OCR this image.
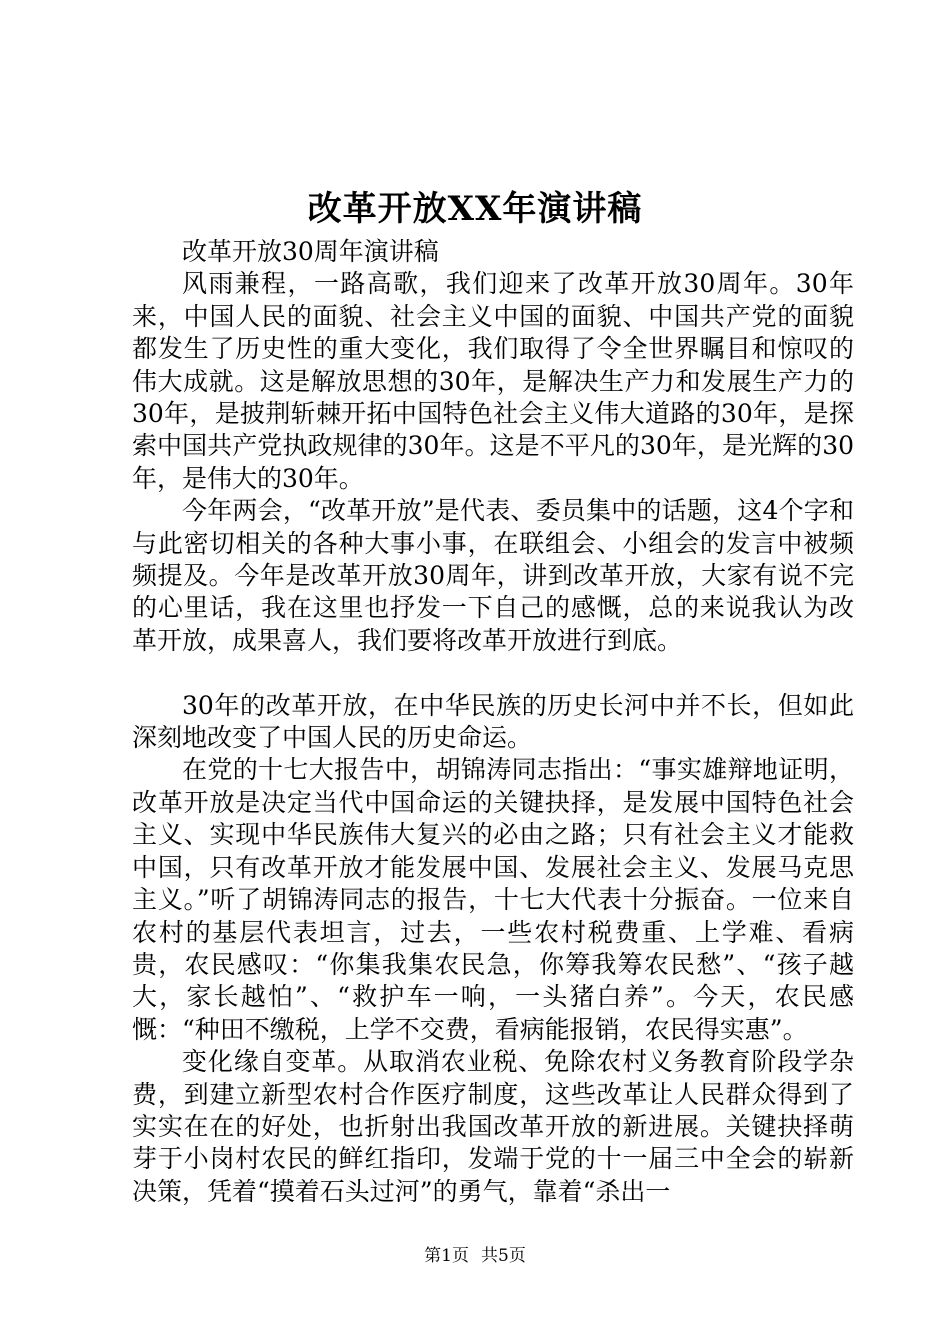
改革开放XX年演讲稿

改革开放30周年演讲稿

风雨兼程，一路高歌，我们迎来了改革开放30周年。30年来，中国人民的面貌、社会主义中国的面貌、中国共产党的面貌都发生了历史性的重大变化，我们取得了令全世界瞩目和惊叹的伟大成就。这是解放思想的30年，是解决生产力和发展生产力的30年，是披荆斩棘开拓中国特色社会主义伟大道路的30年，是探索中国共产党执政规律的30年。这是不平凡的30年，是光辉的30年，是伟大的30年。

今年两会，“改革开放”是代表、委员集中的话题，这4个字和与此密切相关的各种大事小事，在联组会、小组会的发言中被频频提及。今年是改革开放30周年，讲到改革开放，大家有说不完的心里话，我在这里也抒发一下自己的感慨，总的来说我认为改革开放，成果喜人，我们要将改革开放进行到底。

30年的改革开放，在中华民族的历史长河中并不长，但如此深刻地改变了中国人民的历史命运。

在党的十七大报告中，胡锦涛同志指出：“事实雄辩地证明，改革开放是决定当代中国命运的关键抉择，是发展中国特色社会主义、实现中华民族伟大复兴的必由之路；只有社会主义才能救中国，只有改革开放才能发展中国、发展社会主义、发展马克思主义。”听了胡锦涛同志的报告，十七大代表十分振奋。一位来自农村的基层代表坦言，过去，一些农村税费重、上学难、看病贵，农民感叹：“你集我集农民急，你筹我筹农民愁”、“孩子越大，家长越怕”、“救护车一响，一头猪白养”。今天，农民感慨：“种田不缴税，上学不交费，看病能报销，农民得实惠”。

变化缘自变革。从取消农业税、免除农村义务教育阶段学杂费，到建立新型农村合作医疗制度，这些改革让人民群众得到了实实在在的好处，也折射出我国改革开放的新进展。关键抉择萌芽于小岗村农民的鲜红指印，发端于党的十一届三中全会的崭新决策，凭着“摸着石头过河”的勇气，靠着“杀出一

第1页 共5页
